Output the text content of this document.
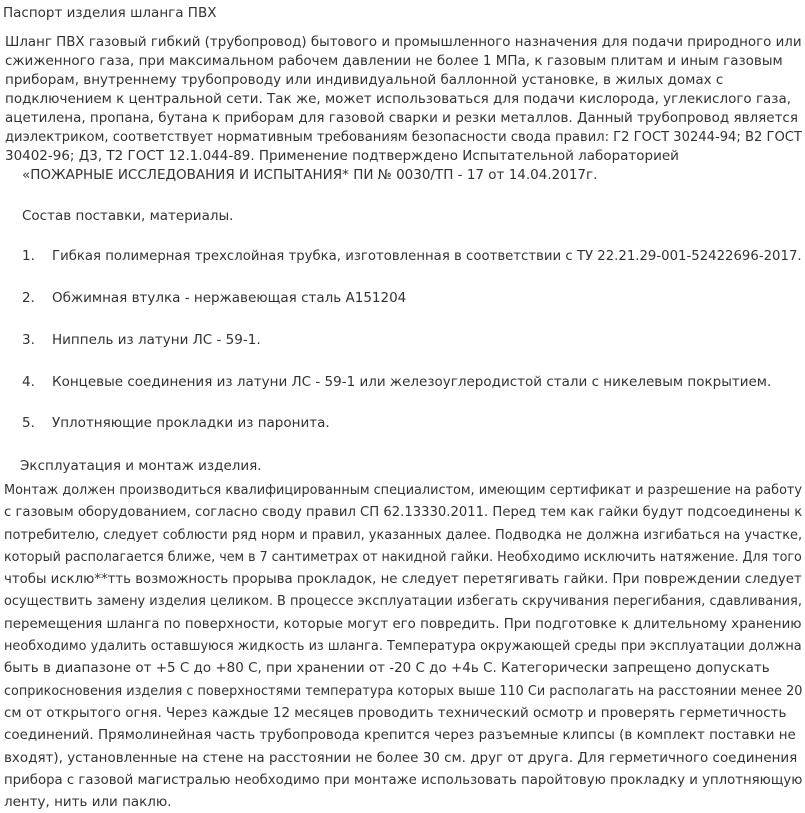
Паспорт изделия шланга ПВХ
Шланг ПВХ газовый гибкий (трубопровод) бытового и промышленного назначения для подачи природного или сжиженного газа, при максимальном рабочем давлении не более 1 МПа, к газовым плитам и иным газовым приборам, внутреннему трубопроводу или индивидуальной баллонной установке, в жилых домах с подключением к центральной сети. Так же, может использоваться для подачи кислорода, углекислого газа, ацетилена, пропана, бутана к приборам для газовой сварки и резки металлов. Данный трубопровод является диэлектриком, соответствует нормативным требованиям безопасности свода правил: Г2 ГОСТ 30244-94; В2 ГОСТ 30402-96; Д3, Т2 ГОСТ 12.1.044-89. Применение подтверждено Испытательной лабораторией
«ПОЖАРНЫЕ ИССЛЕДОВАНИЯ И ИСПЫТАНИЯ* ПИ № 0030/ТП - 17 от 14.04.2017г.
Состав поставки, материалы.
1. Гибкая полимерная трехслойная трубка, изготовленная в соответствии с ТУ 22.21.29-001-52422696-2017.
2. Обжимная втулка - нержавеющая сталь А151204
3. Ниппель из латуни ЛС - 59-1.
4. Концевые соединения из латуни ЛС - 59-1 или железоуглеродистой стали с никелевым покрытием.
5. Уплотняющие прокладки из паронита.
Эксплуатация и монтаж изделия.
Монтаж должен производиться квалифицированным специалистом, имеющим сертификат и разрешение на работу с газовым оборудованием, согласно своду правил СП 62.13330.2011. Перед тем как гайки будут подсоединены к потребителю, следует соблюсти ряд норм и правил, указанных далее. Подводка не должна изгибаться на участке, который располагается ближе, чем в 7 сантиметрах от накидной гайки. Необходимо исключить натяжение. Для того чтобы исклю**тть возможность прорыва прокладок, не следует перетягивать гайки. При повреждении следует осуществить замену изделия целиком. В процессе эксплуатации избегать скручивания перегибания, сдавливания, перемещения шланга по поверхности, которые могут его повредить. При подготовке к длительному хранению необходимо удалить оставшуюся жидкость из шланга. Температура окружающей среды при эксплуатации должна быть в диапазоне от +5 С до +80 С, при хранении от -20 С до +4ь С. Категорически запрещено допускать соприкосновения изделия с поверхностями температура которых выше 110 Си располагать на расстоянии менее 20 см от открытого огня. Через каждые 12 месяцев проводить технический осмотр и проверять герметичность соединений. Прямолинейная часть трубопровода крепится через разъемные клипсы (в комплект поставки не входят), установленные на стене на расстоянии не более 30 см. друг от друга. Для герметичного соединения прибора с газовой магистралью необходимо при монтаже использовать паройтовую прокладку и уплотняющую ленту, нить или паклю.
